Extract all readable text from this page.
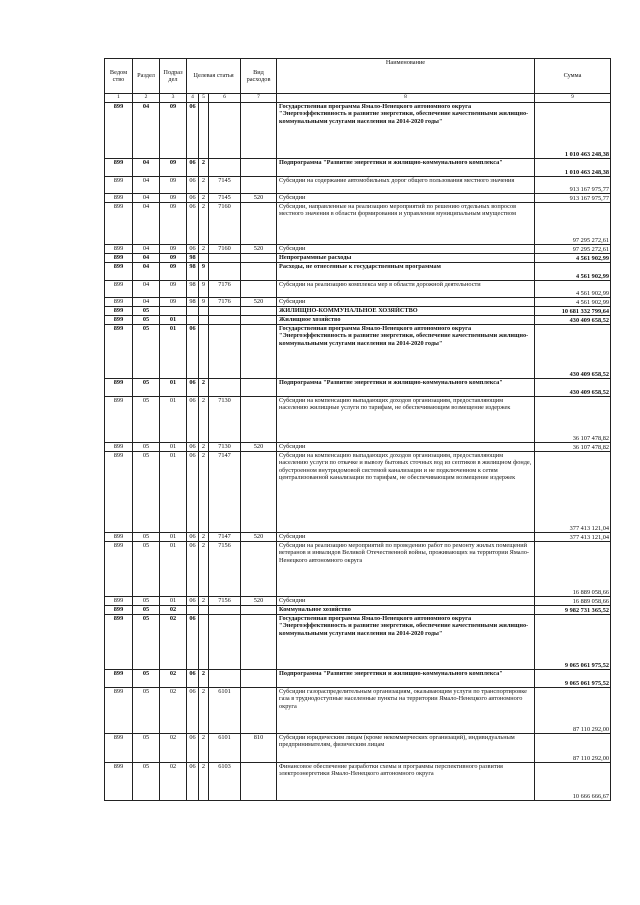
Ведом ство	Раздел	Подраз дел	Целевая статья			Вид расходов	Наименование	Сумма
1	2	3	4	5	6	7	8	9
899	04	09	06				Государственная программа Ямало-Ненецкого автономного округа "Энергоэффективность и развитие энергетики, обеспечение качественными жилищно-коммунальными услугами населения на 2014-2020 годы"	1 010 463 248,38
899	04	09	06	2			Подпрограмма "Развитие энергетики и жилищно-коммунального комплекса"	1 010 463 248,38
899	04	09	06	2	7145		Субсидии на содержание автомобильных дорог общего пользования местного значения	913 167 975,77
899	04	09	06	2	7145	520	Субсидии	913 167 975,77
899	04	09	06	2	7160		Субсидии, направленные на реализацию мероприятий по решению отдельных вопросов местного значения в области формирования и управления муниципальным имуществом	97 295 272,61
899	04	09	06	2	7160	520	Субсидии	97 295 272,61
899	04	09	98				Непрограммные расходы	4 561 902,99
899	04	09	98	9			Расходы, не отнесенные к государственным программам	4 561 902,99
899	04	09	98	9	7176		Субсидии на реализацию комплекса мер в области дорожной деятельности	4 561 902,99
899	04	09	98	9	7176	520	Субсидии	4 561 902,99
899	05						ЖИЛИЩНО-КОММУНАЛЬНОЕ ХОЗЯЙСТВО	10 681 332 799,64
899	05	01					Жилищное хозяйство	430 409 658,52
899	05	01	06				Государственная программа Ямало-Ненецкого автономного округа "Энергоэффективность и развитие энергетики, обеспечение качественными жилищно-коммунальными услугами населения на 2014-2020 годы"	430 409 658,52
899	05	01	06	2			Подпрограмма "Развитие энергетики и жилищно-коммунального комплекса"	430 409 658,52
899	05	01	06	2	7130		Субсидии на компенсацию выпадающих доходов организациям, предоставляющим населению жилищные услуги по тарифам, не обеспечивающим возмещение издержек	36 107 478,82
899	05	01	06	2	7130	520	Субсидии	36 107 478,82
899	05	01	06	2	7147		Субсидии на компенсацию выпадающих доходов организациям, предоставляющим населению услуги по откачке и вывозу бытовых сточных вод из септиков в жилищном фонде, обустроенном внутридомовой системой канализации и не подключенном к сетям централизованной канализации по тарифам, не обеспечивающим возмещение издержек	377 413 121,04
899	05	01	06	2	7147	520	Субсидии	377 413 121,04
899	05	01	06	2	7156		Субсидии на реализацию мероприятий по проведению работ по ремонту жилых помещений ветеранов и инвалидов Великой Отечественной войны, проживающих на территории Ямало-Ненецкого автономного округа	16 889 058,66
899	05	01	06	2	7156	520	Субсидии	16 889 058,66
899	05	02					Коммунальное хозяйство	9 982 731 365,52
899	05	02	06				Государственная программа Ямало-Ненецкого автономного округа "Энергоэффективность и развитие энергетики, обеспечение качественными жилищно-коммунальными услугами населения на 2014-2020 годы"	9 065 061 975,52
899	05	02	06	2			Подпрограмма "Развитие энергетики и жилищно-коммунального комплекса"	9 065 061 975,52
899	05	02	06	2	6101		Субсидии газораспределительным организациям, оказывающим услуги по транспортировке газа в труднодоступные населенные пункты на территории Ямало-Ненецкого автономного округа	87 110 292,00
899	05	02	06	2	6101	810	Субсидии юридическим лицам (кроме некоммерческих организаций), индивидуальным предпринимателям, физическим лицам	87 110 292,00
899	05	02	06	2	6103		Финансовое обеспечение разработки схемы и программы перспективного развития электроэнергетики Ямало-Ненецкого автономного округа	10 666 666,67
